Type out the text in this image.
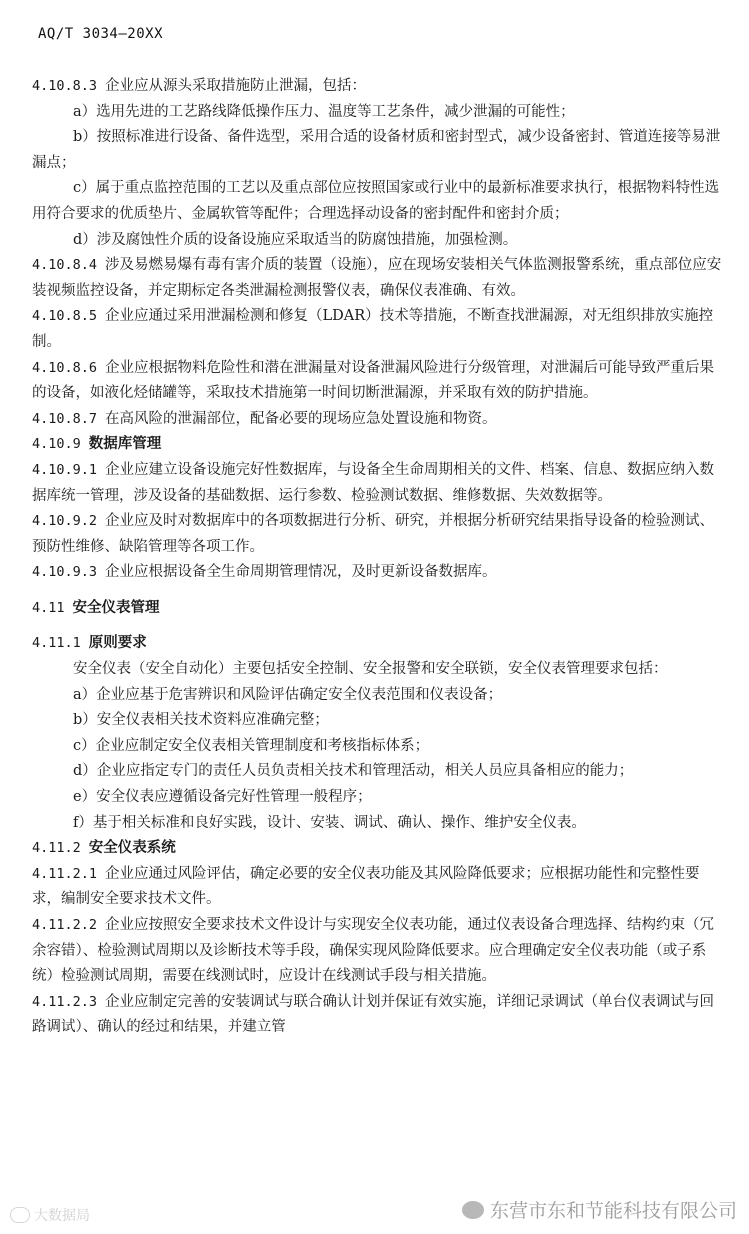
AQ/T 3034—20XX

4.10.8.3 企业应从源头采取措施防止泄漏，包括：

a）选用先进的工艺路线降低操作压力、温度等工艺条件，减少泄漏的可能性；

b）按照标准进行设备、备件选型，采用合适的设备材质和密封型式，减少设备密封、管道连接等易泄漏点；

c）属于重点监控范围的工艺以及重点部位应按照国家或行业中的最新标准要求执行，根据物料特性选用符合要求的优质垫片、金属软管等配件；合理选择动设备的密封配件和密封介质；

d）涉及腐蚀性介质的设备设施应采取适当的防腐蚀措施，加强检测。

4.10.8.4 涉及易燃易爆有毒有害介质的装置（设施），应在现场安装相关气体监测报警系统，重点部位应安装视频监控设备，并定期标定各类泄漏检测报警仪表，确保仪表准确、有效。

4.10.8.5 企业应通过采用泄漏检测和修复（LDAR）技术等措施，不断查找泄漏源，对无组织排放实施控制。

4.10.8.6 企业应根据物料危险性和潜在泄漏量对设备泄漏风险进行分级管理，对泄漏后可能导致严重后果的设备，如液化烃储罐等，采取技术措施第一时间切断泄漏源，并采取有效的防护措施。

4.10.8.7 在高风险的泄漏部位，配备必要的现场应急处置设施和物资。

4.10.9 数据库管理

4.10.9.1 企业应建立设备设施完好性数据库，与设备全生命周期相关的文件、档案、信息、数据应纳入数据库统一管理，涉及设备的基础数据、运行参数、检验测试数据、维修数据、失效数据等。

4.10.9.2 企业应及时对数据库中的各项数据进行分析、研究，并根据分析研究结果指导设备的检验测试、预防性维修、缺陷管理等各项工作。

4.10.9.3 企业应根据设备全生命周期管理情况，及时更新设备数据库。

4.11 安全仪表管理

4.11.1 原则要求

安全仪表（安全自动化）主要包括安全控制、安全报警和安全联锁，安全仪表管理要求包括：

a）企业应基于危害辨识和风险评估确定安全仪表范围和仪表设备；

b）安全仪表相关技术资料应准确完整；

c）企业应制定安全仪表相关管理制度和考核指标体系；

d）企业应指定专门的责任人员负责相关技术和管理活动，相关人员应具备相应的能力；

e）安全仪表应遵循设备完好性管理一般程序；

f）基于相关标准和良好实践，设计、安装、调试、确认、操作、维护安全仪表。

4.11.2 安全仪表系统

4.11.2.1 企业应通过风险评估，确定必要的安全仪表功能及其风险降低要求；应根据功能性和完整性要求，编制安全要求技术文件。

4.11.2.2 企业应按照安全要求技术文件设计与实现安全仪表功能，通过仪表设备合理选择、结构约束（冗余容错）、检验测试周期以及诊断技术等手段，确保实现风险降低要求。应合理确定安全仪表功能（或子系统）检验测试周期，需要在线测试时，应设计在线测试手段与相关措施。

4.11.2.3 企业应制定完善的安装调试与联合确认计划并保证有效实施，详细记录调试（单台仪表调试与回路调试）、确认的经过和结果，并建立管

大数据局	东营市东和节能科技有限公司
